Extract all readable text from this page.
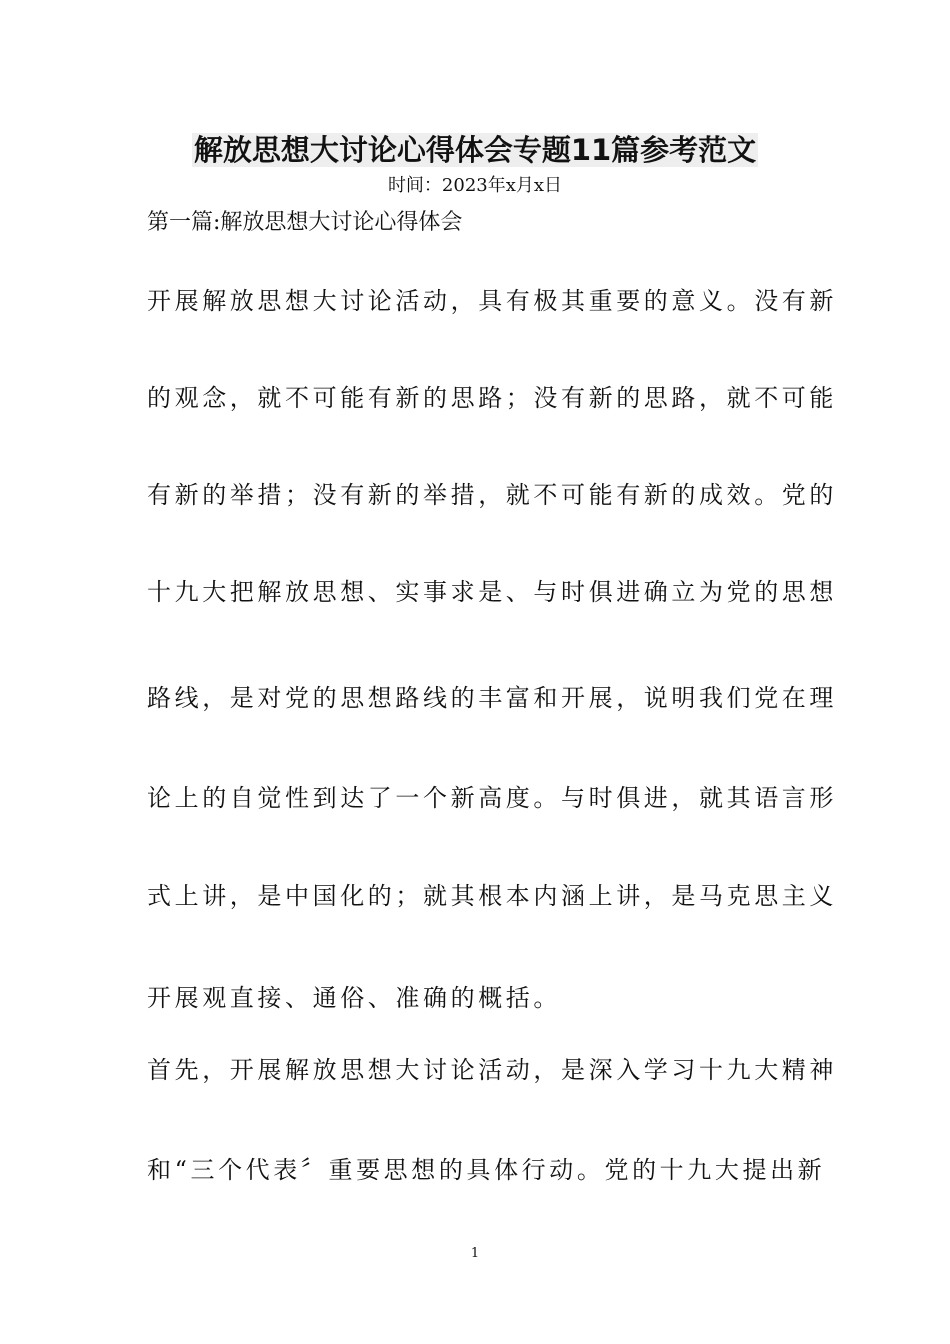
解放思想大讨论心得体会专题11篇参考范文
时间：2023年x月x日
第一篇:解放思想大讨论心得体会
开展解放思想大讨论活动，具有极其重要的意义。没有新
的观念，就不可能有新的思路；没有新的思路，就不可能
有新的举措；没有新的举措，就不可能有新的成效。党的
十九大把解放思想、实事求是、与时俱进确立为党的思想
路线，是对党的思想路线的丰富和开展，说明我们党在理
论上的自觉性到达了一个新高度。与时俱进，就其语言形
式上讲，是中国化的；就其根本内涵上讲，是马克思主义
开展观直接、通俗、准确的概括。
首先，开展解放思想大讨论活动，是深入学习十九大精神
和“三个代表〞重要思想的具体行动。党的十九大提出新
1
